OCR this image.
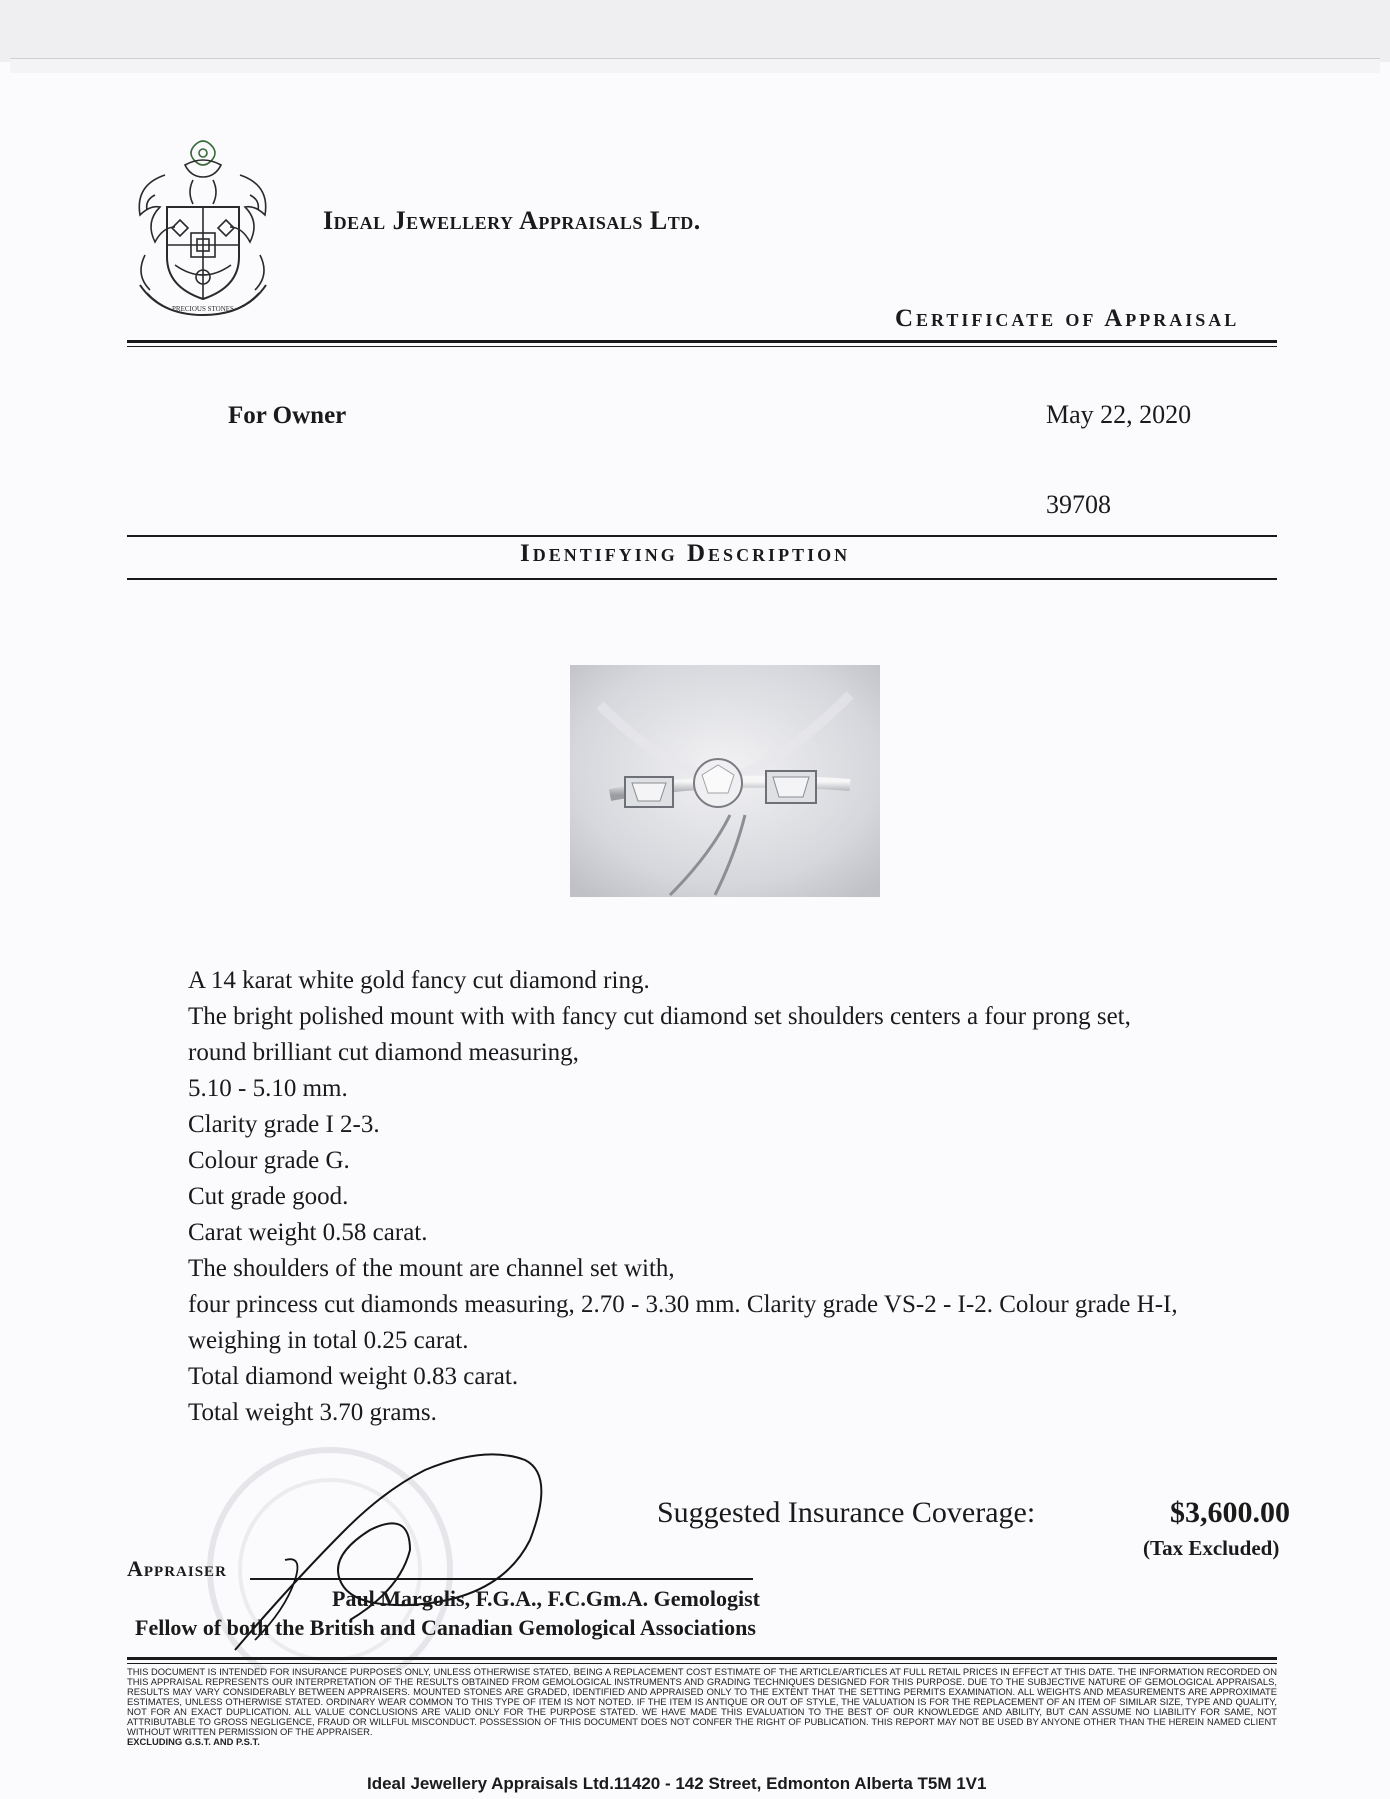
PRECIOUS STONES
Ideal Jewellery Appraisals Ltd.
Certificate of Appraisal
For Owner	May 22, 2020
39708
Identifying Description
A 14 karat white gold fancy cut diamond ring.
The bright polished mount with with fancy cut diamond set shoulders centers a four prong set,
round brilliant cut diamond measuring,
5.10 - 5.10 mm.
Clarity grade I 2-3.
Colour grade G.
Cut grade good.
Carat weight 0.58 carat.
The shoulders of the mount are channel set with,
four princess cut diamonds measuring, 2.70 - 3.30 mm. Clarity grade VS-2 - I-2. Colour grade H-I,
weighing in total 0.25 carat.
Total diamond weight 0.83 carat.
Total weight 3.70 grams.
Suggested Insurance Coverage:	$3,600.00
(Tax Excluded)
Appraiser
Paul Margolis, F.G.A., F.C.Gm.A. Gemologist
Fellow of both the British and Canadian Gemological Associations
THIS DOCUMENT IS INTENDED FOR INSURANCE PURPOSES ONLY, UNLESS OTHERWISE STATED, BEING A REPLACEMENT COST ESTIMATE OF THE ARTICLE/ARTICLES AT FULL RETAIL PRICES IN EFFECT AT THIS DATE. THE INFORMATION RECORDED ON THIS APPRAISAL REPRESENTS OUR INTERPRETATION OF THE RESULTS OBTAINED FROM GEMOLOGICAL INSTRUMENTS AND GRADING TECHNIQUES DESIGNED FOR THIS PURPOSE. DUE TO THE SUBJECTIVE NATURE OF GEMOLOGICAL APPRAISALS, RESULTS MAY VARY CONSIDERABLY BETWEEN APPRAISERS. MOUNTED STONES ARE GRADED, IDENTIFIED AND APPRAISED ONLY TO THE EXTENT THAT THE SETTING PERMITS EXAMINATION. ALL WEIGHTS AND MEASUREMENTS ARE APPROXIMATE ESTIMATES, UNLESS OTHERWISE STATED. ORDINARY WEAR COMMON TO THIS TYPE OF ITEM IS NOT NOTED. IF THE ITEM IS ANTIQUE OR OUT OF STYLE, THE VALUATION IS FOR THE REPLACEMENT OF AN ITEM OF SIMILAR SIZE, TYPE AND QUALITY, NOT FOR AN EXACT DUPLICATION. ALL VALUE CONCLUSIONS ARE VALID ONLY FOR THE PURPOSE STATED. WE HAVE MADE THIS EVALUATION TO THE BEST OF OUR KNOWLEDGE AND ABILITY, BUT CAN ASSUME NO LIABILITY FOR SAME, NOT ATTRIBUTABLE TO GROSS NEGLIGENCE, FRAUD OR WILLFUL MISCONDUCT. POSSESSION OF THIS DOCUMENT DOES NOT CONFER THE RIGHT OF PUBLICATION. THIS REPORT MAY NOT BE USED BY ANYONE OTHER THAN THE HEREIN NAMED CLIENT WITHOUT WRITTEN PERMISSION OF THE APPRAISER.
EXCLUDING G.S.T. AND P.S.T.
Ideal Jewellery Appraisals Ltd.11420 - 142 Street, Edmonton Alberta T5M 1V1
